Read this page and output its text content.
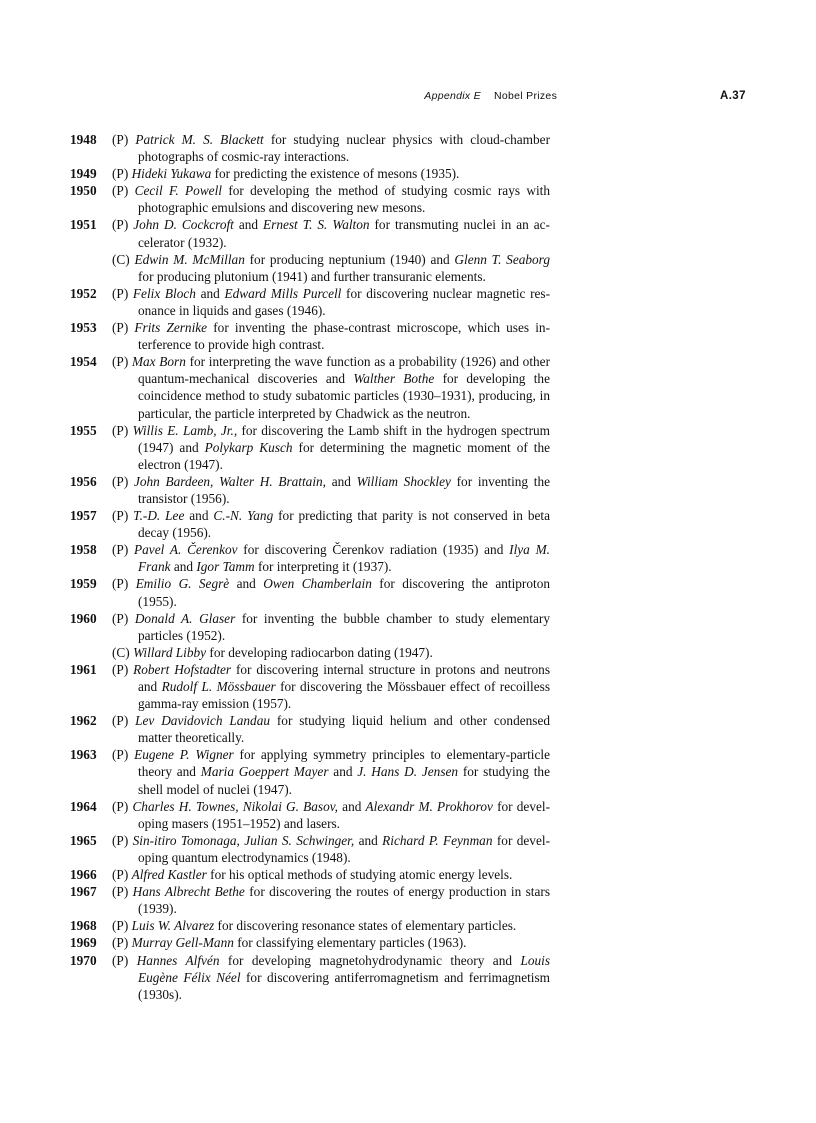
Appendix E Nobel Prizes	A.37
1948	(P) Patrick M. S. Blackett for studying nuclear physics with cloud-chamber photographs of cosmic-ray interactions.
1949	(P) Hideki Yukawa for predicting the existence of mesons (1935).
1950	(P) Cecil F. Powell for developing the method of studying cosmic rays with photographic emulsions and discovering new mesons.
1951	(P) John D. Cockcroft and Ernest T. S. Walton for transmuting nuclei in an accelerator (1932).
(C) Edwin M. McMillan for producing neptunium (1940) and Glenn T. Seaborg for producing plutonium (1941) and further transuranic elements.
1952	(P) Felix Bloch and Edward Mills Purcell for discovering nuclear magnetic resonance in liquids and gases (1946).
1953	(P) Frits Zernike for inventing the phase-contrast microscope, which uses interference to provide high contrast.
1954	(P) Max Born for interpreting the wave function as a probability (1926) and other quantum-mechanical discoveries and Walther Bothe for developing the coincidence method to study subatomic particles (1930–1931), producing, in particular, the particle interpreted by Chadwick as the neutron.
1955	(P) Willis E. Lamb, Jr., for discovering the Lamb shift in the hydrogen spectrum (1947) and Polykarp Kusch for determining the magnetic moment of the electron (1947).
1956	(P) John Bardeen, Walter H. Brattain, and William Shockley for inventing the transistor (1956).
1957	(P) T.-D. Lee and C.-N. Yang for predicting that parity is not conserved in beta decay (1956).
1958	(P) Pavel A. Čerenkov for discovering Čerenkov radiation (1935) and Ilya M. Frank and Igor Tamm for interpreting it (1937).
1959	(P) Emilio G. Segrè and Owen Chamberlain for discovering the antiproton (1955).
1960	(P) Donald A. Glaser for inventing the bubble chamber to study elementary particles (1952).
(C) Willard Libby for developing radiocarbon dating (1947).
1961	(P) Robert Hofstadter for discovering internal structure in protons and neutrons and Rudolf L. Mössbauer for discovering the Mössbauer effect of recoilless gamma-ray emission (1957).
1962	(P) Lev Davidovich Landau for studying liquid helium and other condensed matter theoretically.
1963	(P) Eugene P. Wigner for applying symmetry principles to elementary-particle theory and Maria Goeppert Mayer and J. Hans D. Jensen for studying the shell model of nuclei (1947).
1964	(P) Charles H. Townes, Nikolai G. Basov, and Alexandr M. Prokhorov for developing masers (1951–1952) and lasers.
1965	(P) Sin-itiro Tomonaga, Julian S. Schwinger, and Richard P. Feynman for developing quantum electrodynamics (1948).
1966	(P) Alfred Kastler for his optical methods of studying atomic energy levels.
1967	(P) Hans Albrecht Bethe for discovering the routes of energy production in stars (1939).
1968	(P) Luis W. Alvarez for discovering resonance states of elementary particles.
1969	(P) Murray Gell-Mann for classifying elementary particles (1963).
1970	(P) Hannes Alfvén for developing magnetohydrodynamic theory and Louis Eugène Félix Néel for discovering antiferromagnetism and ferrimagnetism (1930s).
